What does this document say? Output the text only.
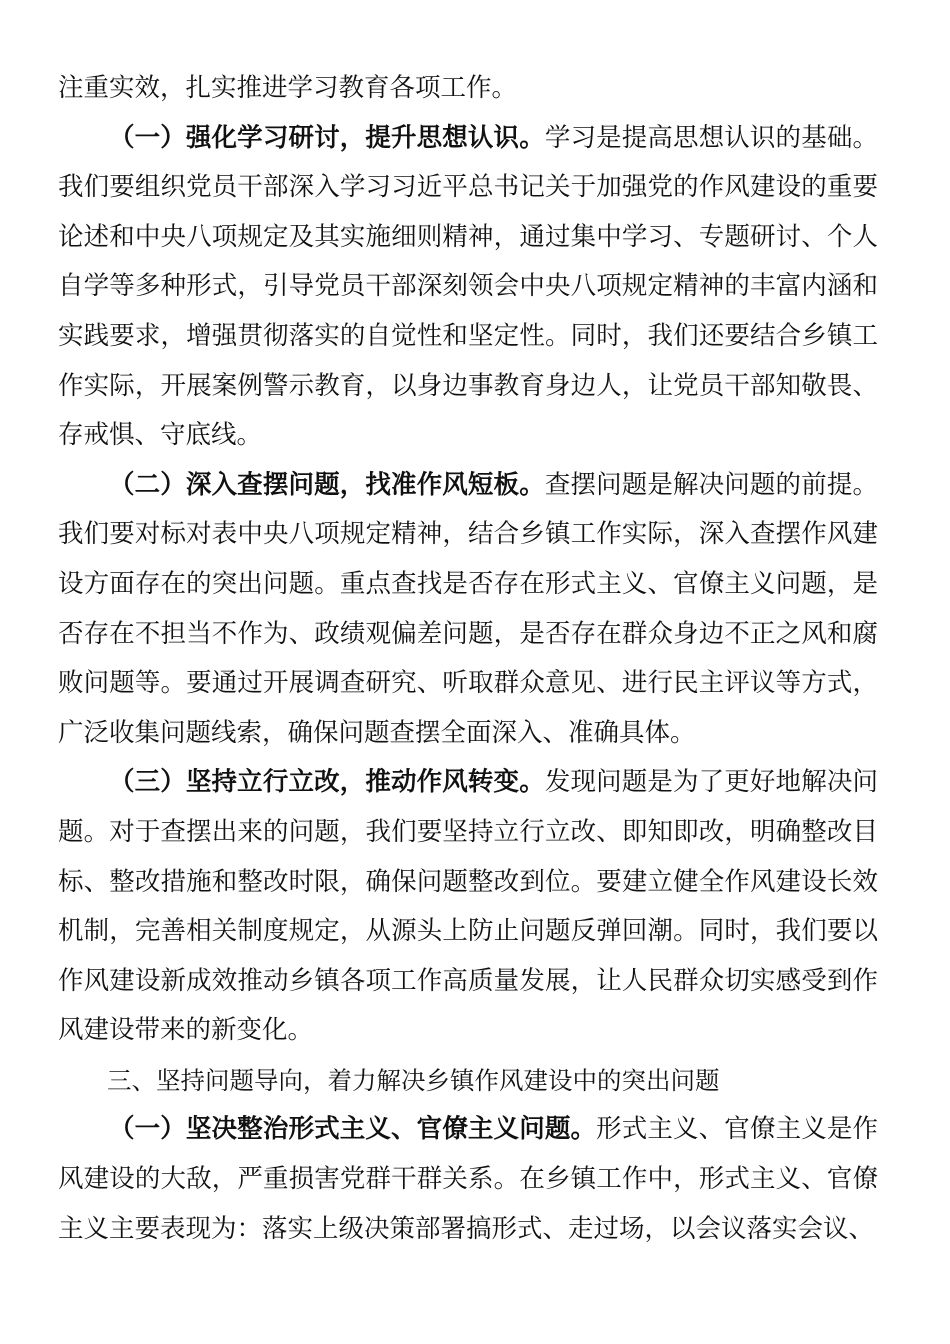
注重实效，扎实推进学习教育各项工作。

（一）强化学习研讨，提升思想认识。学习是提高思想认识的基础。我们要组织党员干部深入学习习近平总书记关于加强党的作风建设的重要论述和中央八项规定及其实施细则精神，通过集中学习、专题研讨、个人自学等多种形式，引导党员干部深刻领会中央八项规定精神的丰富内涵和实践要求，增强贯彻落实的自觉性和坚定性。同时，我们还要结合乡镇工作实际，开展案例警示教育，以身边事教育身边人，让党员干部知敬畏、存戒惧、守底线。

（二）深入查摆问题，找准作风短板。查摆问题是解决问题的前提。我们要对标对表中央八项规定精神，结合乡镇工作实际，深入查摆作风建设方面存在的突出问题。重点查找是否存在形式主义、官僚主义问题，是否存在不担当不作为、政绩观偏差问题，是否存在群众身边不正之风和腐败问题等。要通过开展调查研究、听取群众意见、进行民主评议等方式，广泛收集问题线索，确保问题查摆全面深入、准确具体。

（三）坚持立行立改，推动作风转变。发现问题是为了更好地解决问题。对于查摆出来的问题，我们要坚持立行立改、即知即改，明确整改目标、整改措施和整改时限，确保问题整改到位。要建立健全作风建设长效机制，完善相关制度规定，从源头上防止问题反弹回潮。同时，我们要以作风建设新成效推动乡镇各项工作高质量发展，让人民群众切实感受到作风建设带来的新变化。

三、坚持问题导向，着力解决乡镇作风建设中的突出问题

（一）坚决整治形式主义、官僚主义问题。形式主义、官僚主义是作风建设的大敌，严重损害党群干群关系。在乡镇工作中，形式主义、官僚主义主要表现为：落实上级决策部署搞形式、走过场，以会议落实会议、
